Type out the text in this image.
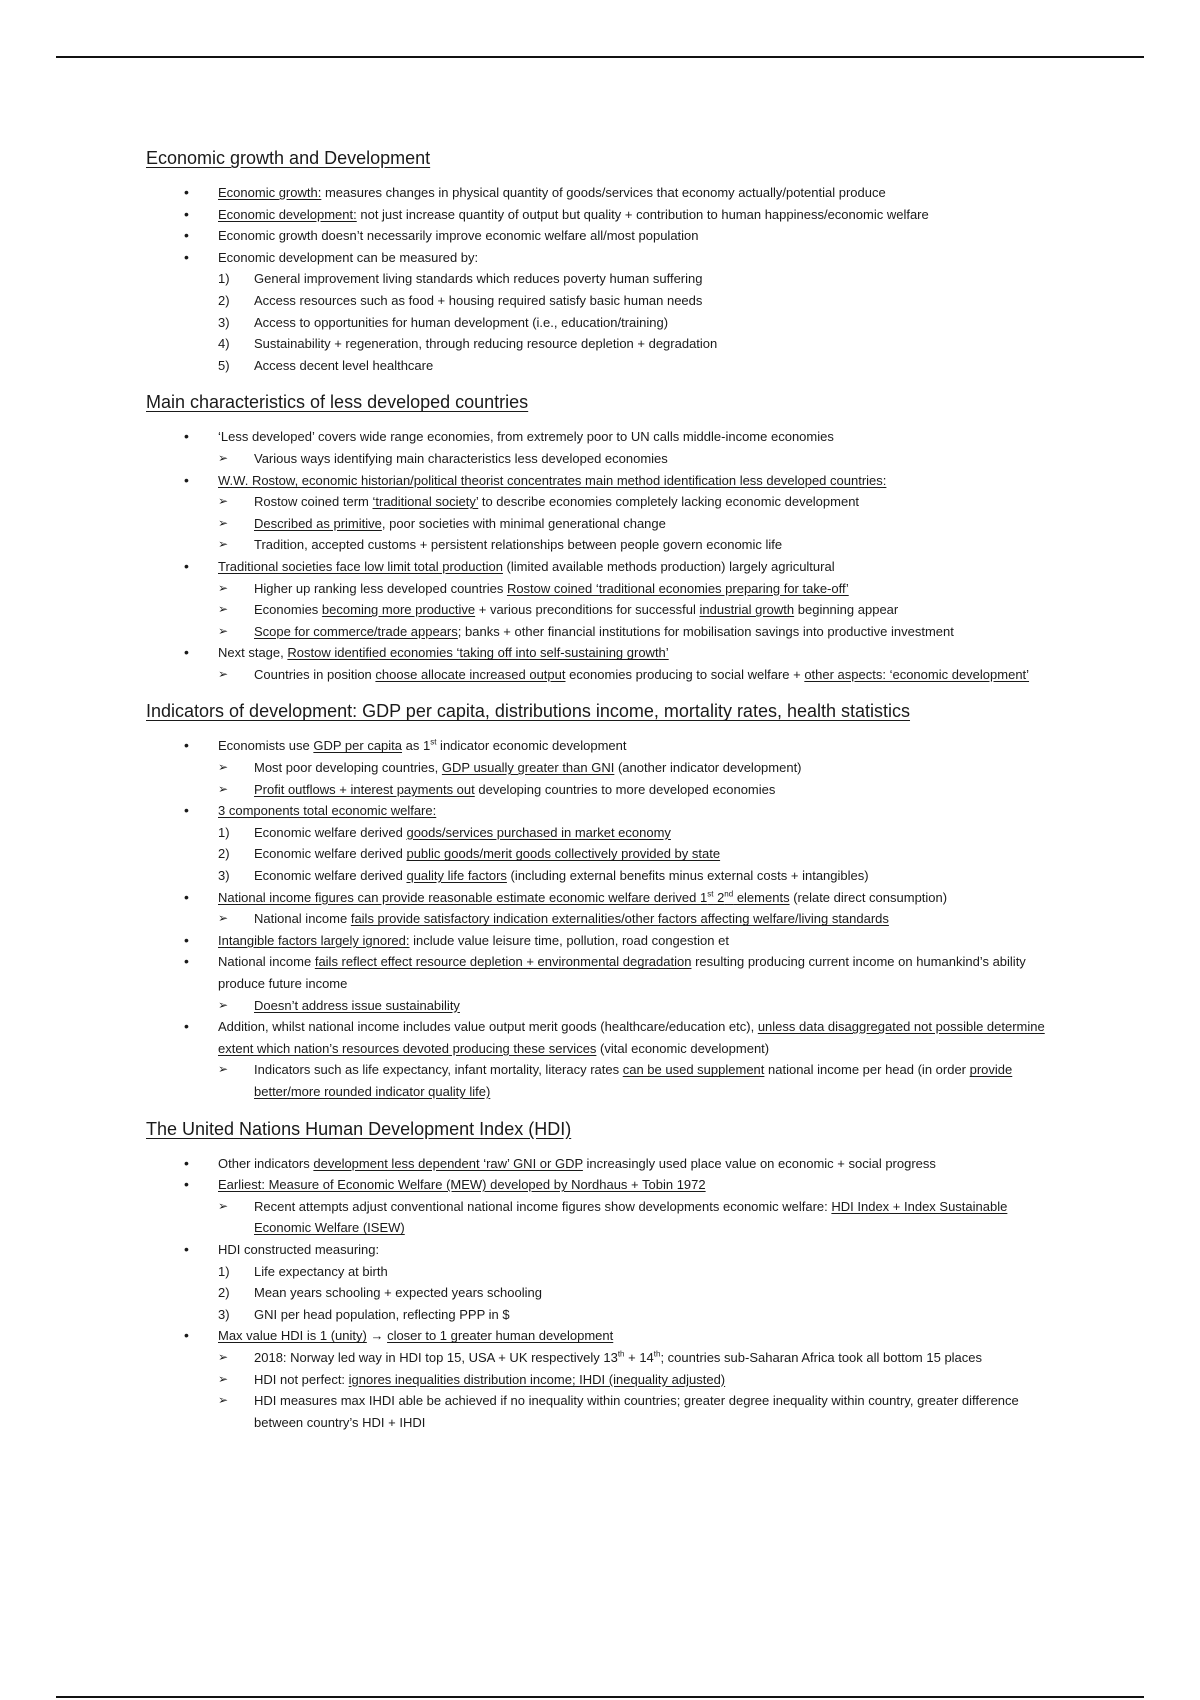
Economic growth and Development
• Economic growth: measures changes in physical quantity of goods/services that economy actually/potential produce
• Economic development: not just increase quantity of output but quality + contribution to human happiness/economic welfare
• Economic growth doesn’t necessarily improve economic welfare all/most population
• Economic development can be measured by:
1) General improvement living standards which reduces poverty human suffering
2) Access resources such as food + housing required satisfy basic human needs
3) Access to opportunities for human development (i.e., education/training)
4) Sustainability + regeneration, through reducing resource depletion + degradation
5) Access decent level healthcare
Main characteristics of less developed countries
• ‘Less developed’ covers wide range economies, from extremely poor to UN calls middle-income economies
➢ Various ways identifying main characteristics less developed economies
• W.W. Rostow, economic historian/political theorist concentrates main method identification less developed countries:
➢ Rostow coined term ‘traditional society’ to describe economies completely lacking economic development
➢ Described as primitive, poor societies with minimal generational change
➢ Tradition, accepted customs + persistent relationships between people govern economic life
• Traditional societies face low limit total production (limited available methods production) largely agricultural
➢ Higher up ranking less developed countries Rostow coined ‘traditional economies preparing for take-off’
➢ Economies becoming more productive + various preconditions for successful industrial growth beginning appear
➢ Scope for commerce/trade appears; banks + other financial institutions for mobilisation savings into productive investment
• Next stage, Rostow identified economies ‘taking off into self-sustaining growth’
➢ Countries in position choose allocate increased output economies producing to social welfare + other aspects: ‘economic development’
Indicators of development: GDP per capita, distributions income, mortality rates, health statistics
• Economists use GDP per capita as 1st indicator economic development
➢ Most poor developing countries, GDP usually greater than GNI (another indicator development)
➢ Profit outflows + interest payments out developing countries to more developed economies
• 3 components total economic welfare:
1) Economic welfare derived goods/services purchased in market economy
2) Economic welfare derived public goods/merit goods collectively provided by state
3) Economic welfare derived quality life factors (including external benefits minus external costs + intangibles)
• National income figures can provide reasonable estimate economic welfare derived 1st 2nd elements (relate direct consumption)
➢ National income fails provide satisfactory indication externalities/other factors affecting welfare/living standards
• Intangible factors largely ignored: include value leisure time, pollution, road congestion et
• National income fails reflect effect resource depletion + environmental degradation resulting producing current income on humankind’s ability produce future income
➢ Doesn’t address issue sustainability
• Addition, whilst national income includes value output merit goods (healthcare/education etc), unless data disaggregated not possible determine extent which nation’s resources devoted producing these services (vital economic development)
➢ Indicators such as life expectancy, infant mortality, literacy rates can be used supplement national income per head (in order provide better/more rounded indicator quality life)
The United Nations Human Development Index (HDI)
• Other indicators development less dependent ‘raw’ GNI or GDP increasingly used place value on economic + social progress
• Earliest: Measure of Economic Welfare (MEW) developed by Nordhaus + Tobin 1972
➢ Recent attempts adjust conventional national income figures show developments economic welfare: HDI Index + Index Sustainable Economic Welfare (ISEW)
• HDI constructed measuring:
1) Life expectancy at birth
2) Mean years schooling + expected years schooling
3) GNI per head population, reflecting PPP in $
• Max value HDI is 1 (unity) → closer to 1 greater human development
➢ 2018: Norway led way in HDI top 15, USA + UK respectively 13th + 14th; countries sub-Saharan Africa took all bottom 15 places
➢ HDI not perfect: ignores inequalities distribution income; IHDI (inequality adjusted)
➢ HDI measures max IHDI able be achieved if no inequality within countries; greater degree inequality within country, greater difference between country’s HDI + IHDI
